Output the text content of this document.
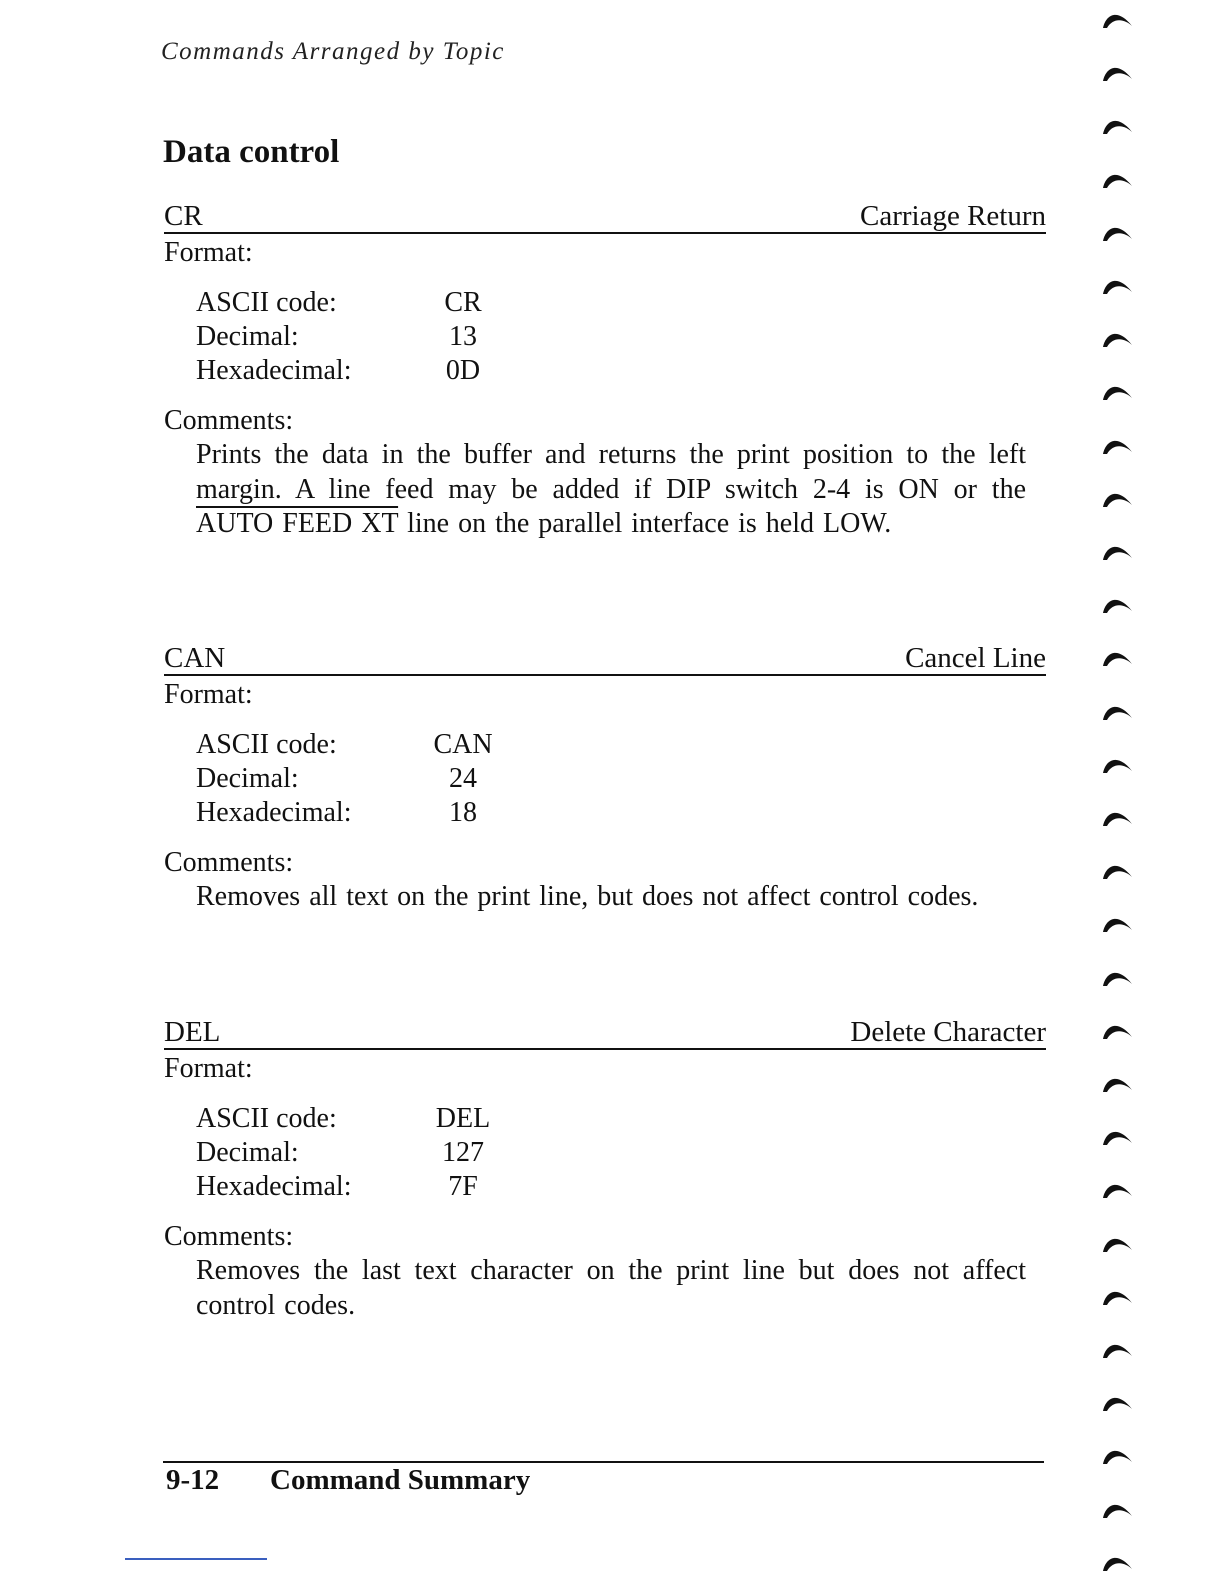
Commands Arranged by Topic
Data control
CR	Carriage Return
Format:
ASCII code:	CR
Decimal:	13
Hexadecimal:	0D
Comments:
Prints the data in the buffer and returns the print position to the left margin. A line feed may be added if DIP switch 2-4 is ON or the AUTO FEED XT line on the parallel interface is held LOW.
CAN	Cancel Line
Format:
ASCII code:	CAN
Decimal:	24
Hexadecimal:	18
Comments:
Removes all text on the print line, but does not affect control codes.
DEL	Delete Character
Format:
ASCII code:	DEL
Decimal:	127
Hexadecimal:	7F
Comments:
Removes the last text character on the print line but does not affect control codes.
9-12 Command Summary
